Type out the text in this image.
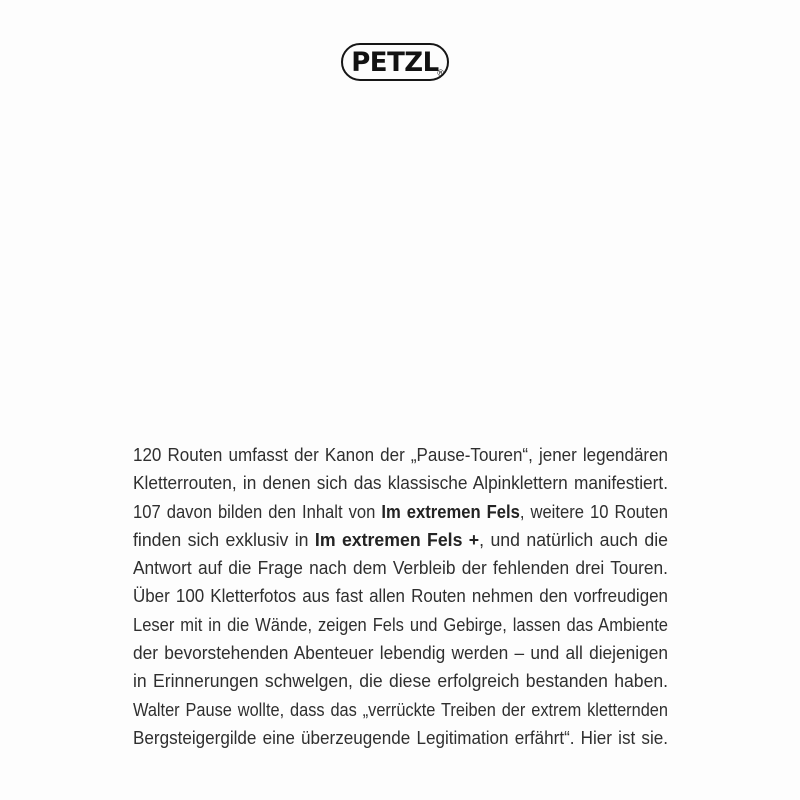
PETZL
®
120 Routen umfasst der Kanon der „Pause-Touren“, jener legendären
Kletterrouten, in denen sich das klassische Alpinklettern manifestiert.
107 davon bilden den Inhalt von Im extremen Fels, weitere 10 Routen
finden sich exklusiv in Im extremen Fels +, und natürlich auch die
Antwort auf die Frage nach dem Verbleib der fehlenden drei Touren.
Über 100 Kletterfotos aus fast allen Routen nehmen den vorfreudigen
Leser mit in die Wände, zeigen Fels und Gebirge, lassen das Ambiente
der bevorstehenden Abenteuer lebendig werden – und all diejenigen
in Erinnerungen schwelgen, die diese erfolgreich bestanden haben.
Walter Pause wollte, dass das „verrückte Treiben der extrem kletternden
Bergsteigergilde eine überzeugende Legitimation erfährt“. Hier ist sie.
